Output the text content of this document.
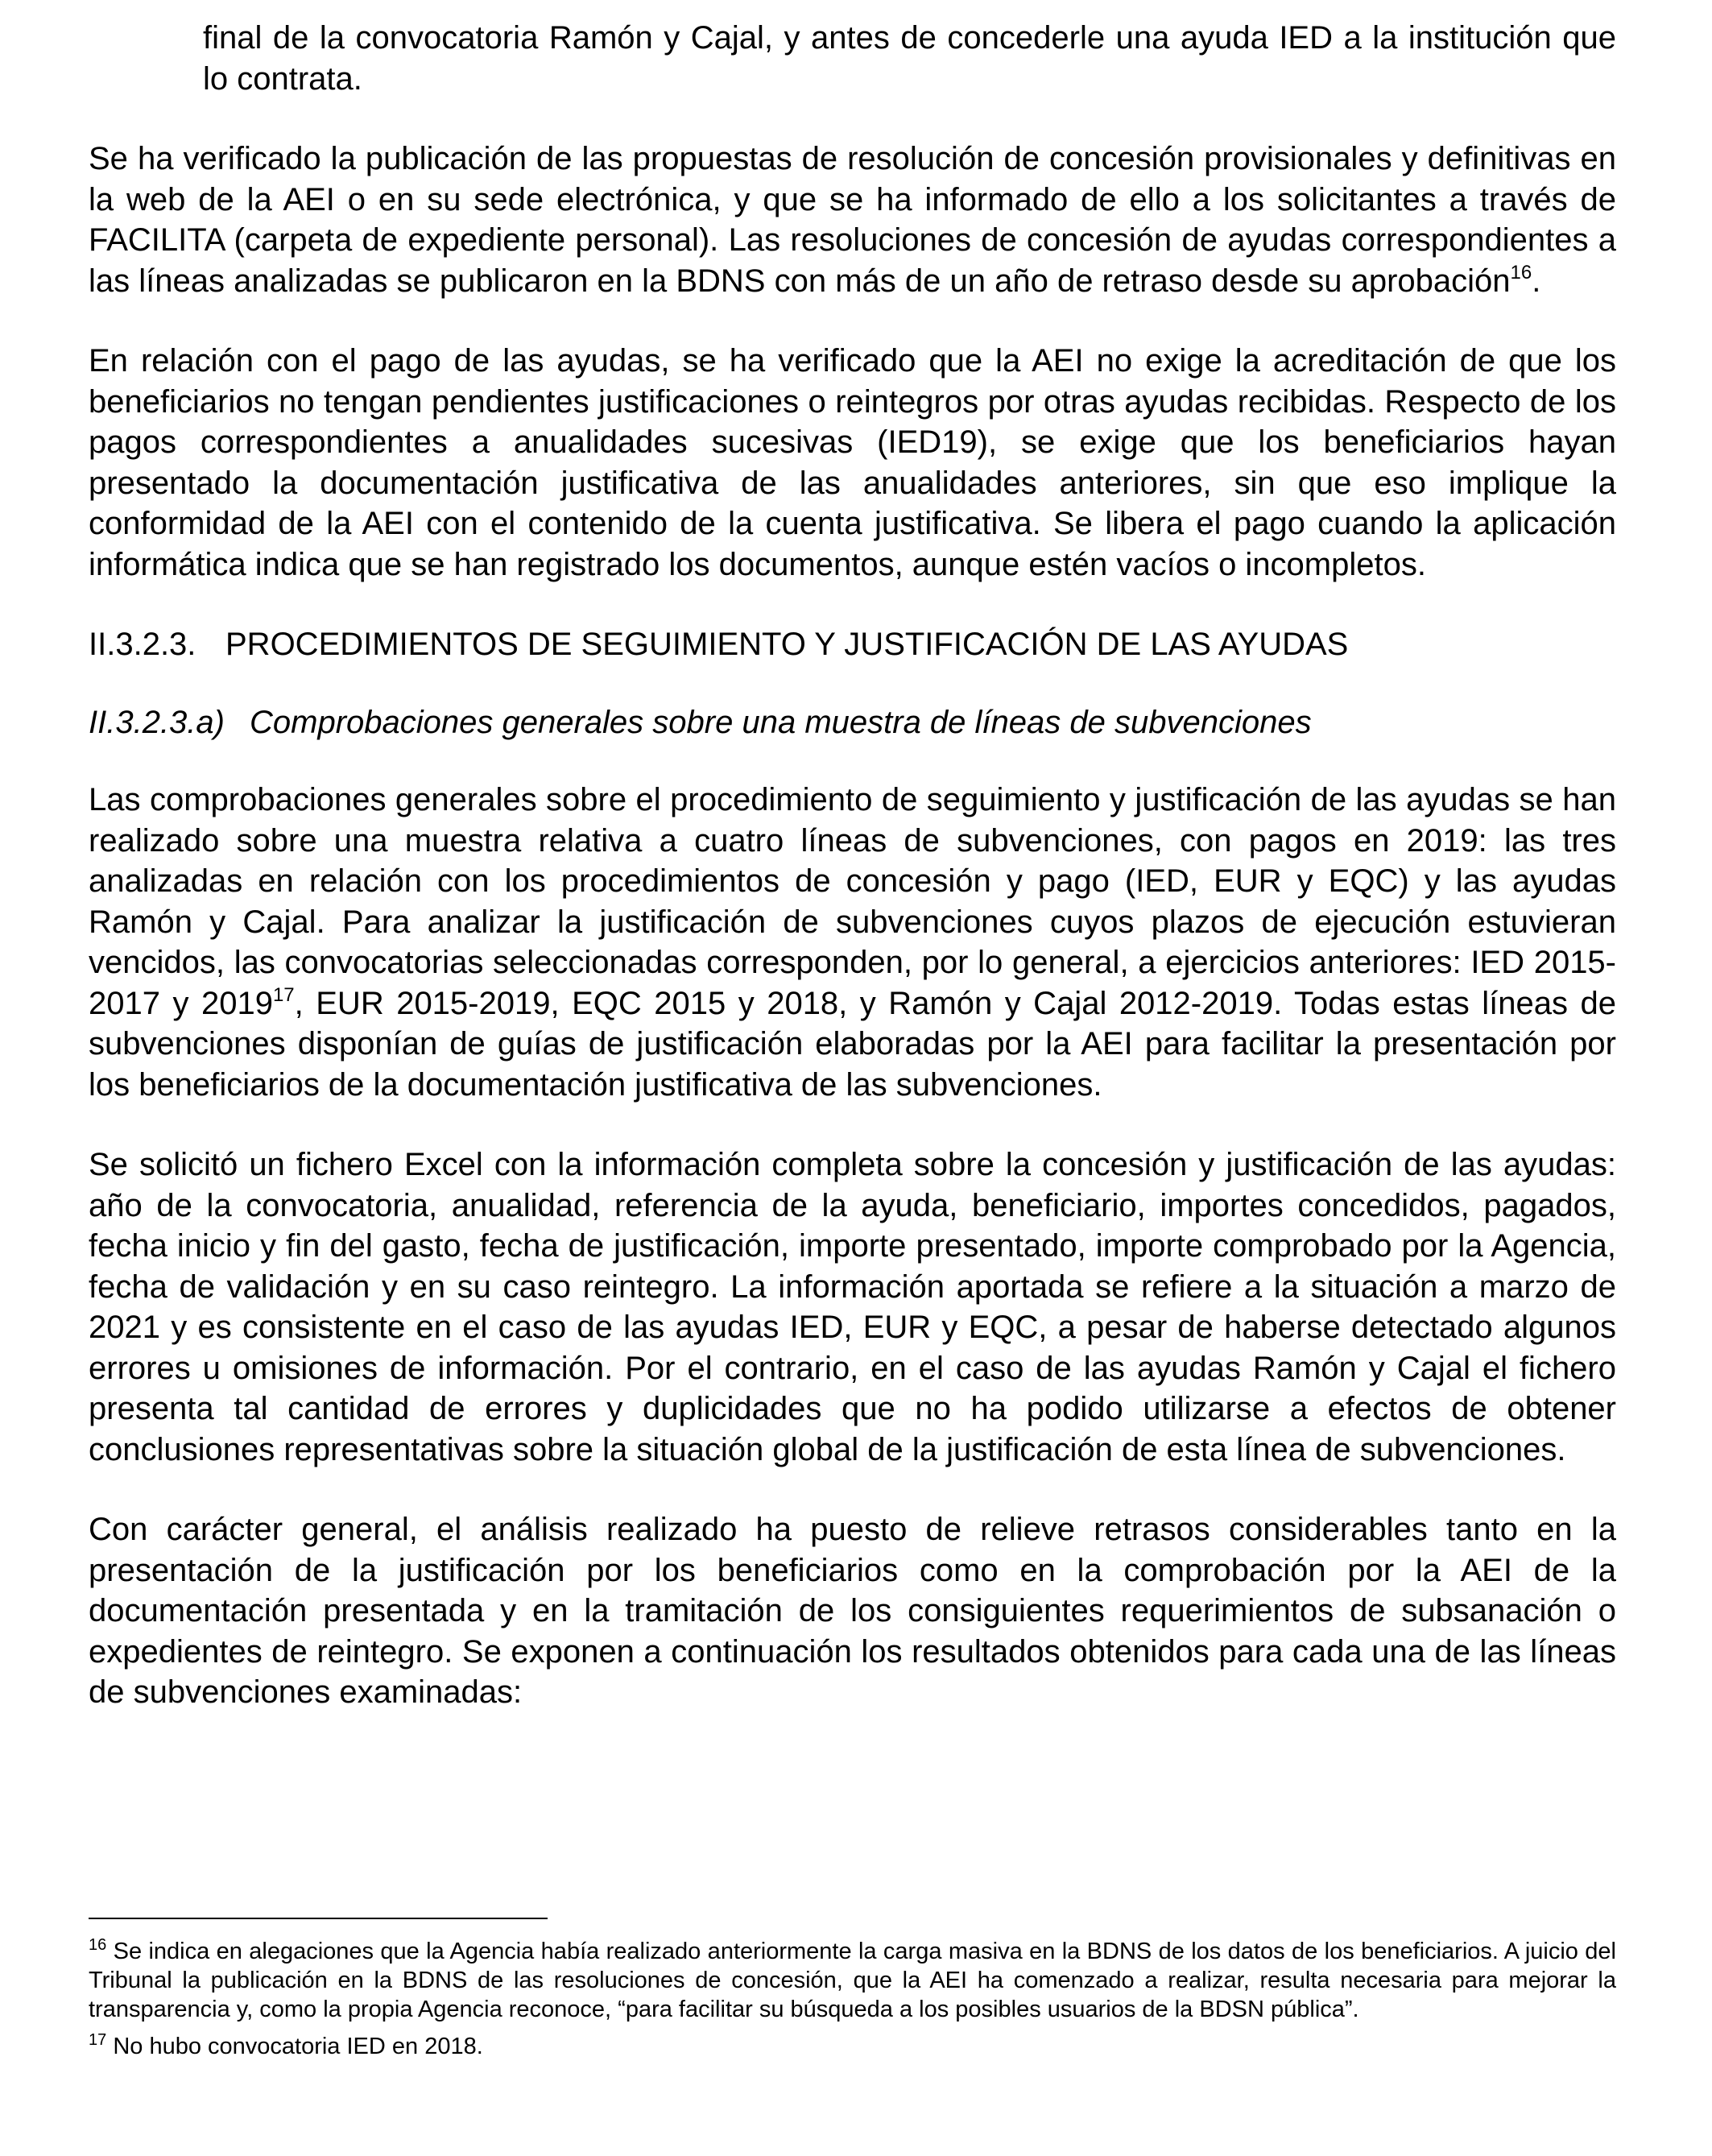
final de la convocatoria Ramón y Cajal, y antes de concederle una ayuda IED a la institución que lo contrata.

Se ha verificado la publicación de las propuestas de resolución de concesión provisionales y definitivas en la web de la AEI o en su sede electrónica, y que se ha informado de ello a los solicitantes a través de FACILITA (carpeta de expediente personal). Las resoluciones de concesión de ayudas correspondientes a las líneas analizadas se publicaron en la BDNS con más de un año de retraso desde su aprobación$^{16}$.

En relación con el pago de las ayudas, se ha verificado que la AEI no exige la acreditación de que los beneficiarios no tengan pendientes justificaciones o reintegros por otras ayudas recibidas. Respecto de los pagos correspondientes a anualidades sucesivas (IED19), se exige que los beneficiarios hayan presentado la documentación justificativa de las anualidades anteriores, sin que eso implique la conformidad de la AEI con el contenido de la cuenta justificativa. Se libera el pago cuando la aplicación informática indica que se han registrado los documentos, aunque estén vacíos o incompletos.

II.3.2.3. PROCEDIMIENTOS DE SEGUIMIENTO Y JUSTIFICACIÓN DE LAS AYUDAS
II.3.2.3.a) Comprobaciones generales sobre una muestra de líneas de subvenciones

Las comprobaciones generales sobre el procedimiento de seguimiento y justificación de las ayudas se han realizado sobre una muestra relativa a cuatro líneas de subvenciones, con pagos en 2019: las tres analizadas en relación con los procedimientos de concesión y pago (IED, EUR y EQC) y las ayudas Ramón y Cajal. Para analizar la justificación de subvenciones cuyos plazos de ejecución estuvieran vencidos, las convocatorias seleccionadas corresponden, por lo general, a ejercicios anteriores: IED 2015-2017 y 2019$^{17}$, EUR 2015-2019, EQC 2015 y 2018, y Ramón y Cajal 2012-2019. Todas estas líneas de subvenciones disponían de guías de justificación elaboradas por la AEI para facilitar la presentación por los beneficiarios de la documentación justificativa de las subvenciones.

Se solicitó un fichero Excel con la información completa sobre la concesión y justificación de las ayudas: año de la convocatoria, anualidad, referencia de la ayuda, beneficiario, importes concedidos, pagados, fecha inicio y fin del gasto, fecha de justificación, importe presentado, importe comprobado por la Agencia, fecha de validación y en su caso reintegro. La información aportada se refiere a la situación a marzo de 2021 y es consistente en el caso de las ayudas IED, EUR y EQC, a pesar de haberse detectado algunos errores u omisiones de información. Por el contrario, en el caso de las ayudas Ramón y Cajal el fichero presenta tal cantidad de errores y duplicidades que no ha podido utilizarse a efectos de obtener conclusiones representativas sobre la situación global de la justificación de esta línea de subvenciones.

Con carácter general, el análisis realizado ha puesto de relieve retrasos considerables tanto en la presentación de la justificación por los beneficiarios como en la comprobación por la AEI de la documentación presentada y en la tramitación de los consiguientes requerimientos de subsanación o expedientes de reintegro. Se exponen a continuación los resultados obtenidos para cada una de las líneas de subvenciones examinadas:

$^{16}$ Se indica en alegaciones que la Agencia había realizado anteriormente la carga masiva en la BDNS de los datos de los beneficiarios. A juicio del Tribunal la publicación en la BDNS de las resoluciones de concesión, que la AEI ha comenzado a realizar, resulta necesaria para mejorar la transparencia y, como la propia Agencia reconoce, “para facilitar su búsqueda a los posibles usuarios de la BDSN pública”.

$^{17}$ No hubo convocatoria IED en 2018.
